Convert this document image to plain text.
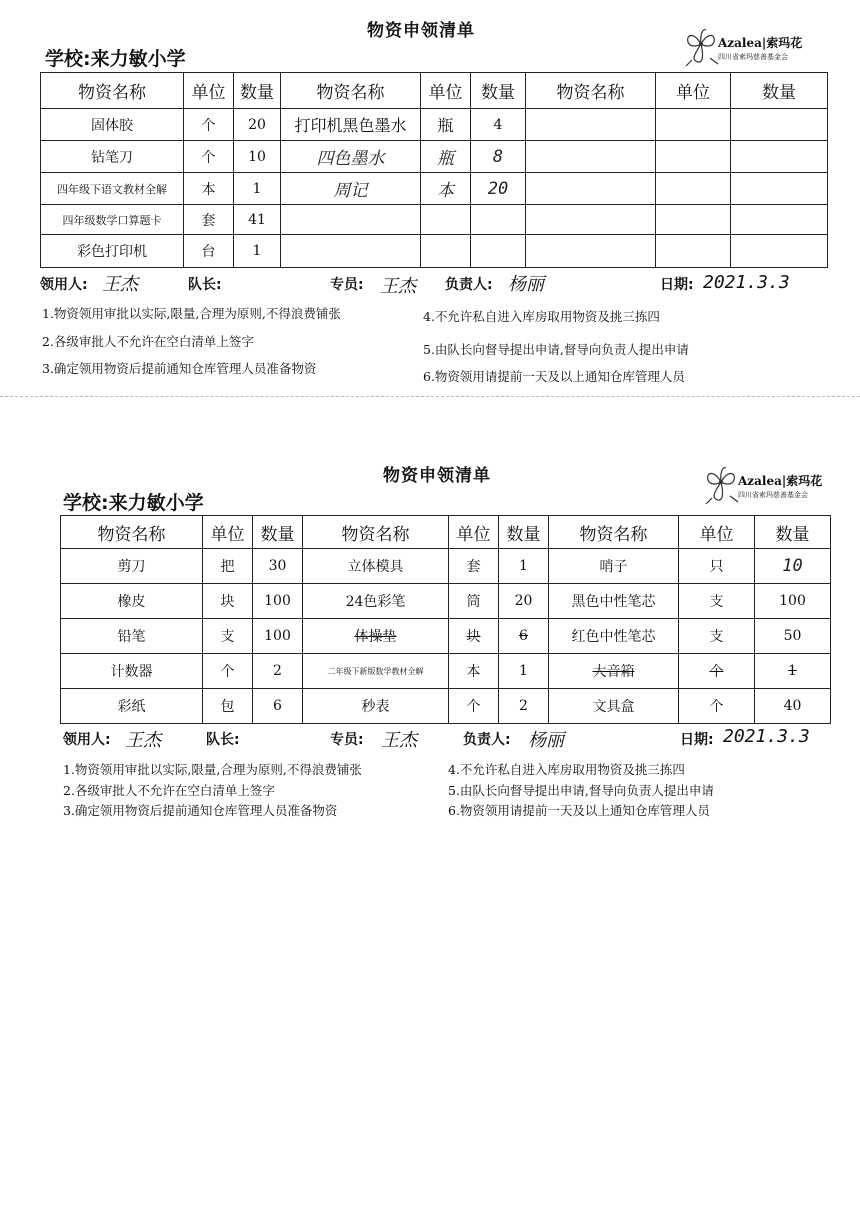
物资申领清单
学校:来力敏小学
Azalea|索玛花
四川省索玛慈善基金会
物资名称	单位	数量	物资名称	单位	数量	物资名称	单位	数量
固体胶	个	20	打印机黑色墨水	瓶	4			
钻笔刀	个	10	四色墨水	瓶	8			
四年级下语文教材全解	本	1	周记	本	20			
四年级数学口算题卡	套	41						
彩色打印机	台	1						
领用人: 王杰	队长:	专员: 王杰 负责人: 杨丽	日期: 2021.3.3
1.物资领用审批以实际,限量,合理为原则,不得浪费铺张
2.各级审批人不允许在空白清单上签字
3.确定领用物资后提前通知仓库管理人员准备物资
4.不允许私自进入库房取用物资及挑三拣四
5.由队长向督导提出申请,督导向负责人提出申请
6.物资领用请提前一天及以上通知仓库管理人员
物资申领清单
学校:来力敏小学
Azalea|索玛花
四川省索玛慈善基金会
物资名称	单位	数量	物资名称	单位	数量	物资名称	单位	数量
剪刀	把	30	立体模具	套	1	哨子	只	10
橡皮	块	100	24色彩笔	筒	20	黑色中性笔芯	支	100
铅笔	支	100	体操垫	块	6	红色中性笔芯	支	50
计数器	个	2	二年级下新版数学教材全解	本	1	大音箱	个	1
彩纸	包	6	秒表	个	2	文具盒	个	40
领用人: 王杰	队长:	专员: 王杰	负责人: 杨丽	日期: 2021.3.3
1.物资领用审批以实际,限量,合理为原则,不得浪费铺张
2.各级审批人不允许在空白清单上签字
3.确定领用物资后提前通知仓库管理人员准备物资
4.不允许私自进入库房取用物资及挑三拣四
5.由队长向督导提出申请,督导向负责人提出申请
6.物资领用请提前一天及以上通知仓库管理人员
